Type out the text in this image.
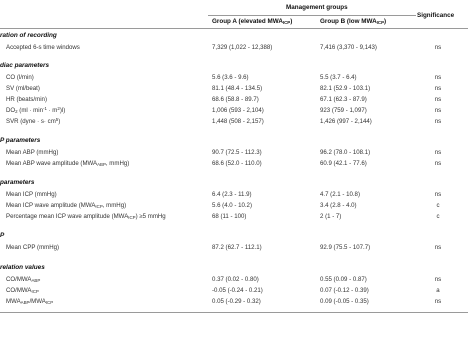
Management groups
Group A (elevated $MWA_{ICP}$)	Group B (low $MWA_{ICP}$)
Significance
ration of recording
Accepted 6-s time windows	7,329 (1,022 - 12,388)	7,416 (3,370 - 9,143)	ns
diac parameters
CO (l/min)	5.6 (3.6 - 9.6)	5.5 (3.7 - 6.4)	ns
SV (ml/beat)	81.1 (48.4 - 134.5)	82.1 (52.9 - 103.1)	ns
HR (beats/min)	68.6 (58.8 - 89.7)	67.1 (62.3 - 87.9)	ns
$DO_2$ $(ml \cdot \min^{-1} \cdot m^2)l$)	1,006 (593 - 2,104)	923 (759 - 1,097)	ns
SVR (dyne · $s\cdot cm^5$)	1,448 (508 - 2,157)	1,426 (997 - 2,144)	ns
P parameters
Mean ABP (mmHg)	90.7 (72.5 - 112.3)	96.2 (78.0 - 108.1)	ns
Mean ABP wave amplitude ($MWA_{ABP}$, mmHg)	68.6 (52.0 - 110.0)	60.9 (42.1 - 77.6)	ns
parameters
Mean ICP (mmHg)	6.4 (2.3 - 11.9)	4.7 (2.1 - 10.8)	ns
Mean ICP wave amplitude ($MWA_{ICP}$, mmHg)	5.6 (4.0 - 10.2)	3.4 (2.8 - 4.0)	c
Percentage mean ICP wave amplitude $(MWA_{ICP}) \ge 5$ mmHg	68 (11 - 100)	2 (1 - 7)	c
P
Mean CPP (mmHg)	87.2 (62.7 - 112.1)	92.9 (75.5 - 107.7)	ns
relation values
$CO/MWA_{ABP}$	0.37 (0.02 - 0.80)	0.55 (0.09 - 0.87)	ns
$CO/MWA_{ICP}$	-0.05 (-0.24 - 0.21)	0.07 (-0.12 - 0.39)	a
$MWA_{ABP}/MWA_{ICP}$	0.05 (-0.29 - 0.32)	0.09 (-0.05 - 0.35)	ns
